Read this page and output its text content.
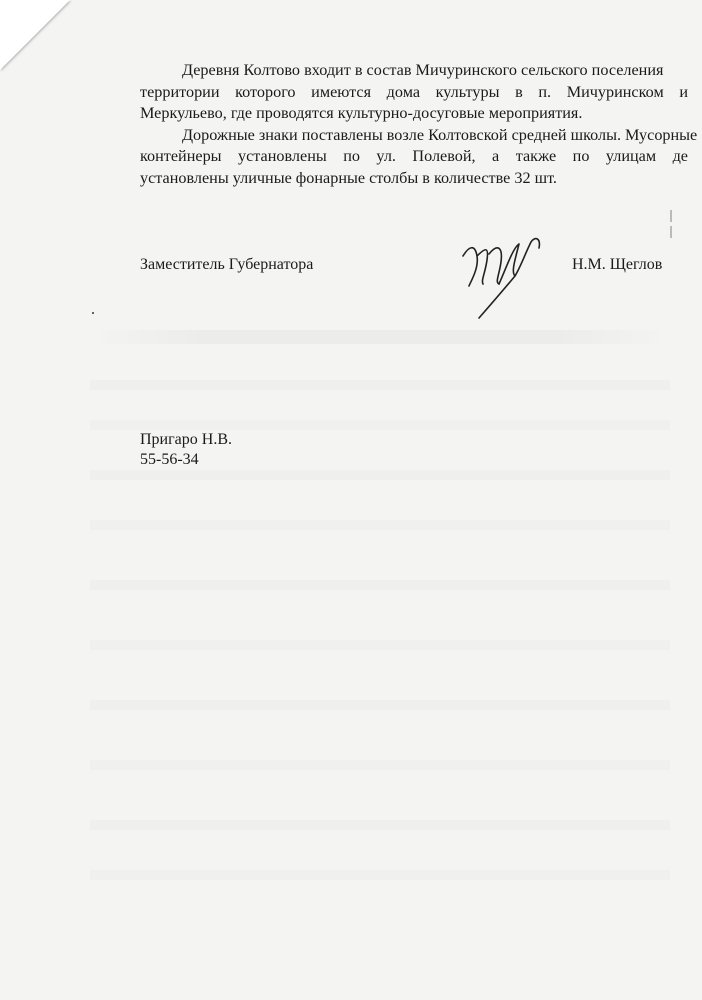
Деревня Колтово входит в состав Мичуринского сельского поселения
территории которого имеются дома культуры в п. Мичуринском и
Меркульево, где проводятся культурно-досуговые мероприятия.

Дорожные знаки поставлены возле Колтовской средней школы. Мусорные
контейнеры установлены по ул. Полевой, а также по улицам де
установлены уличные фонарные столбы в количестве 32 шт.

Заместитель Губернатора	Н.М. Щеглов
Пригаро Н.В.
55-56-34
